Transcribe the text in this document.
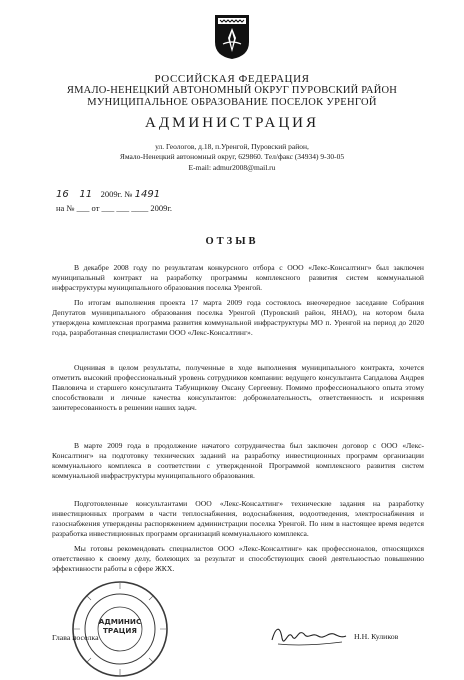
РОССИЙСКАЯ ФЕДЕРАЦИЯ
ЯМАЛО-НЕНЕЦКИЙ АВТОНОМНЫЙ ОКРУГ ПУРОВСКИЙ РАЙОН
МУНИЦИПАЛЬНОЕ ОБРАЗОВАНИЕ ПОСЕЛОК УРЕНГОЙ
АДМИНИСТРАЦИЯ
ул. Геологов, д.18, п.Уренгой, Пуровский район,
Ямало-Ненецкий автономный округ, 629860. Тел/факс (34934) 9-30-05
E-mail: admur2008@mail.ru
16 11 2009г. № 1491
на № ___ от ___ ___ ____ 2009г.
ОТЗЫВ

В декабре 2008 году по результатам конкурсного отбора с ООО «Лекс-Консалтинг» был заключен муниципальный контракт на разработку программы комплексного развития систем коммунальной инфраструктуры муниципального образования поселка Уренгой.

По итогам выполнения проекта 17 марта 2009 года состоялось внеочередное заседание Собрания Депутатов муниципального образования поселка Уренгой (Пуровский район, ЯНАО), на котором была утверждена комплексная программа развития коммунальной инфраструктуры МО п. Уренгой на период до 2020 года, разработанная специалистами ООО «Лекс-Консалтинг».

Оценивая в целом результаты, полученные в ходе выполнения муниципального контракта, хочется отметить высокий профессиональный уровень сотрудников компании: ведущего консультанта Сапдалова Андрея Павловича и старшего консультанта Табунщикову Оксану Сергеевну. Помимо профессионального опыта этому способствовали и личные качества консультантов: доброжелательность, ответственность и искренняя заинтересованность в решении наших задач.

В марте 2009 года в продолжение начатого сотрудничества был заключен договор с ООО «Лекс-Консалтинг» на подготовку технических заданий на разработку инвестиционных программ организации коммунального комплекса в соответствии с утвержденной Программой комплексного развития систем коммунальной инфраструктуры муниципального образования.

Подготовленные консультантами ООО «Лекс-Консалтинг» технические задания на разработку инвестиционных программ в части теплоснабжения, водоснабжения, водоотведения, электроснабжения и газоснабжения утверждены распоряжением администрации поселка Уренгой. По ним в настоящее время ведется разработка инвестиционных программ организаций коммунального комплекса.

Мы готовы рекомендовать специалистов ООО «Лекс-Консалтинг» как профессионалов, относящихся ответственно к своему делу, болеющих за результат и способствующих своей деятельностью повышению эффективности работы в сфере ЖКХ.

АДМИНИС
ТРАЦИЯ
Глава поселка	Н.Н. Куликов
